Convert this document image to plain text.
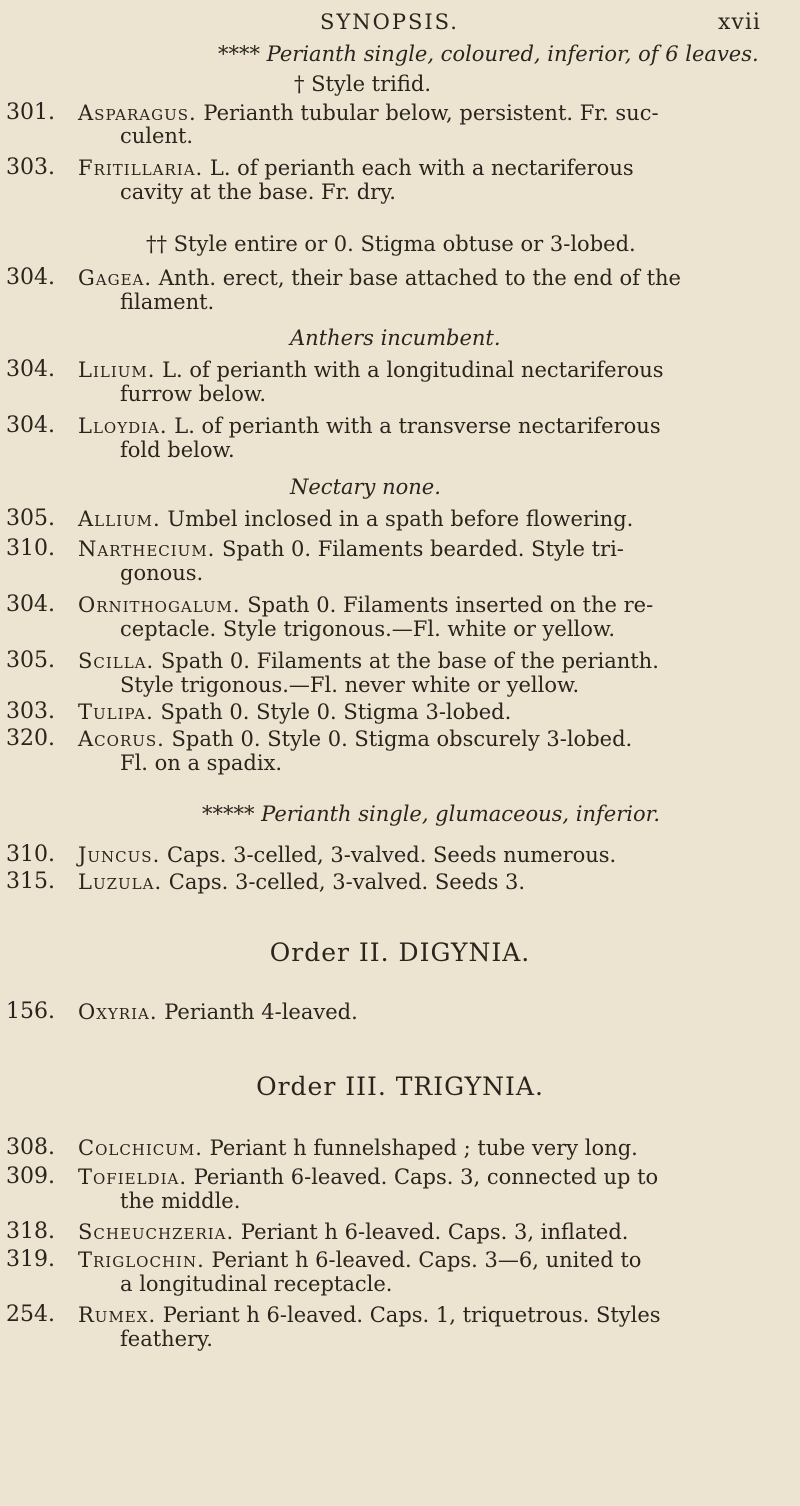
SYNOPSIS.	xvii
**** Perianth single, coloured, inferior, of 6 leaves.
† Style trifid.
301. Asparagus. Perianth tubular below, persistent. Fr. suc-
culent.
303. Fritillaria. L. of perianth each with a nectariferous
cavity at the base. Fr. dry.
†† Style entire or 0. Stigma obtuse or 3-lobed.
304. Gagea. Anth. erect, their base attached to the end of the
filament.
Anthers incumbent.
304. Lilium. L. of perianth with a longitudinal nectariferous
furrow below.
304. Lloydia. L. of perianth with a transverse nectariferous
fold below.
Nectary none.
305. Allium. Umbel inclosed in a spath before flowering.
310. Narthecium. Spath 0. Filaments bearded. Style tri-
gonous.
304. Ornithogalum. Spath 0. Filaments inserted on the re-
ceptacle. Style trigonous.—Fl. white or yellow.
305. Scilla. Spath 0. Filaments at the base of the perianth.
Style trigonous.—Fl. never white or yellow.
303. Tulipa. Spath 0. Style 0. Stigma 3-lobed.
320. Acorus. Spath 0. Style 0. Stigma obscurely 3-lobed.
Fl. on a spadix.
***** Perianth single, glumaceous, inferior.
310. Juncus. Caps. 3-celled, 3-valved. Seeds numerous.
315. Luzula. Caps. 3-celled, 3-valved. Seeds 3.
Order II. DIGYNIA.
156. Oxyria. Perianth 4-leaved.
Order III. TRIGYNIA.
308. Colchicum. Periant h funnelshaped ; tube very long.
309. Tofieldia. Perianth 6-leaved. Caps. 3, connected up to
the middle.
318. Scheuchzeria. Periant h 6-leaved. Caps. 3, inflated.
319. Triglochin. Periant h 6-leaved. Caps. 3—6, united to
a longitudinal receptacle.
254. Rumex. Periant h 6-leaved. Caps. 1, triquetrous. Styles
feathery.
